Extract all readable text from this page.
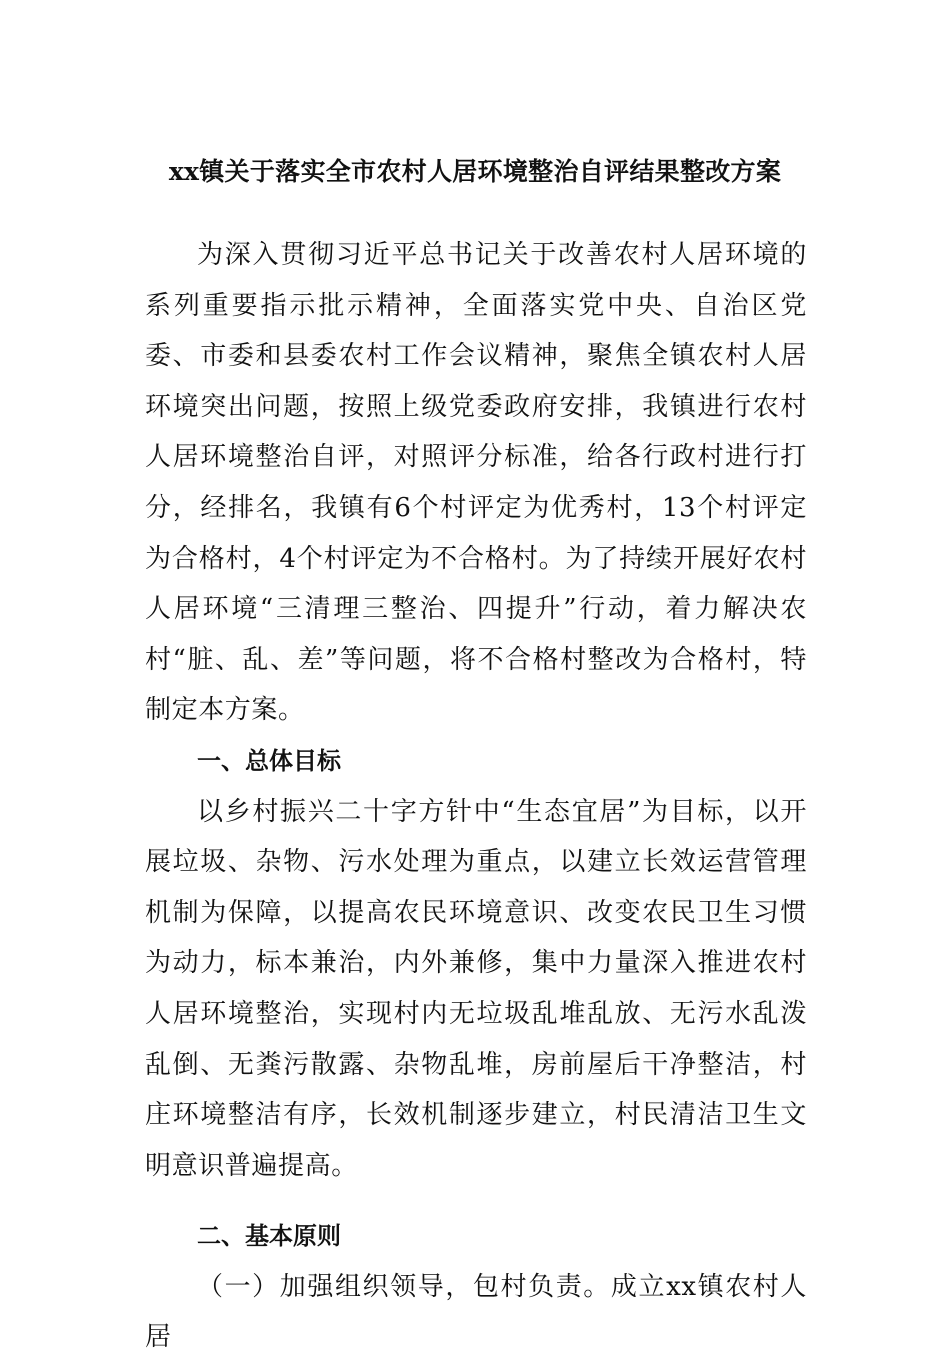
xx镇关于落实全市农村人居环境整治自评结果整改方案

为深入贯彻习近平总书记关于改善农村人居环境的系列重要指示批示精神，全面落实党中央、自治区党委、市委和县委农村工作会议精神，聚焦全镇农村人居环境突出问题，按照上级党委政府安排，我镇进行农村人居环境整治自评，对照评分标准，给各行政村进行打分，经排名，我镇有6个村评定为优秀村，13个村评定为合格村，4个村评定为不合格村。为了持续开展好农村人居环境“三清理三整治、四提升”行动，着力解决农村“脏、乱、差”等问题，将不合格村整改为合格村，特制定本方案。

一、总体目标

以乡村振兴二十字方针中“生态宜居”为目标，以开展垃圾、杂物、污水处理为重点，以建立长效运营管理机制为保障，以提高农民环境意识、改变农民卫生习惯为动力，标本兼治，内外兼修，集中力量深入推进农村人居环境整治，实现村内无垃圾乱堆乱放、无污水乱泼乱倒、无粪污散露、杂物乱堆，房前屋后干净整洁，村庄环境整洁有序，长效机制逐步建立，村民清洁卫生文明意识普遍提高。

二、基本原则

（一）加强组织领导，包村负责。成立xx镇农村人居
